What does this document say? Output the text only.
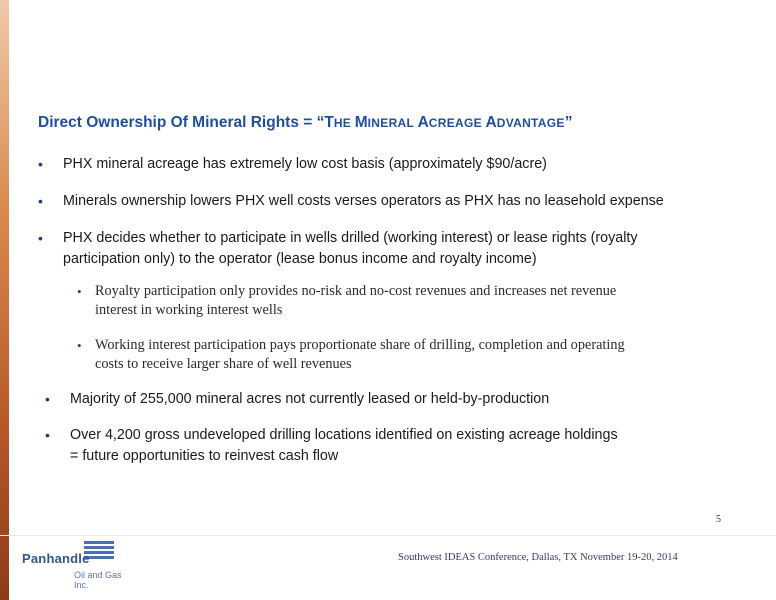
Direct Ownership Of Mineral Rights = “THE MINERAL ACREAGE ADVANTAGE”
• PHX mineral acreage has extremely low cost basis (approximately $90/acre)
• Minerals ownership lowers PHX well costs verses operators as PHX has no leasehold expense
• PHX decides whether to participate in wells drilled (working interest) or lease rights (royalty
participation only) to the operator (lease bonus income and royalty income)
• Royalty participation only provides no-risk and no-cost revenues and increases net revenue
interest in working interest wells
• Working interest participation pays proportionate share of drilling, completion and operating
costs to receive larger share of well revenues
• Majority of 255,000 mineral acres not currently leased or held-by-production
• Over 4,200 gross undeveloped drilling locations identified on existing acreage holdings
= future opportunities to reinvest cash flow
5
Panhandle
Oil and Gas Inc.
Southwest IDEAS Conference, Dallas, TX November 19-20, 2014
